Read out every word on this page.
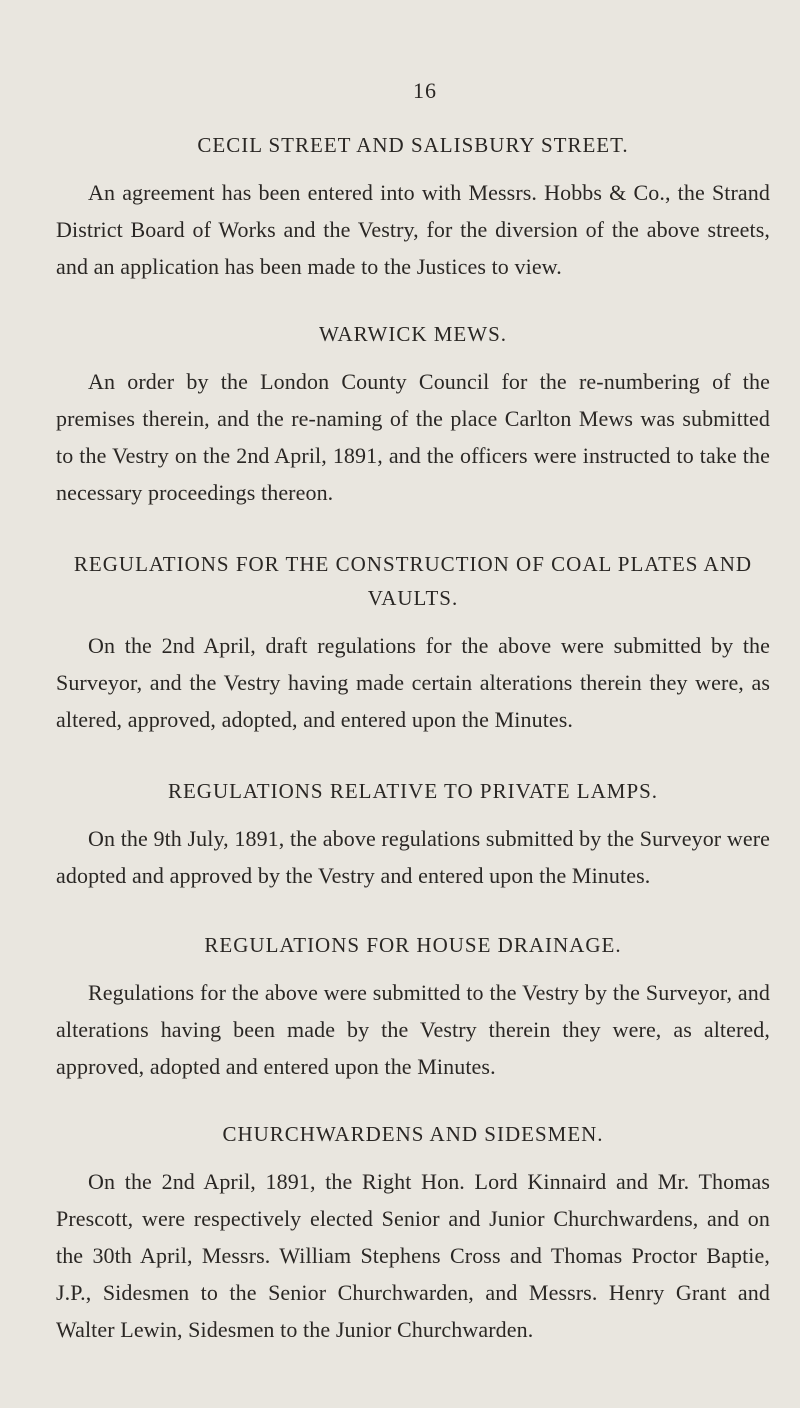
16
CECIL STREET AND SALISBURY STREET.

An agreement has been entered into with Messrs. Hobbs & Co., the Strand District Board of Works and the Vestry, for the diversion of the above streets, and an application has been made to the Justices to view.

WARWICK MEWS.

An order by the London County Council for the re-numbering of the premises therein, and the re-naming of the place Carlton Mews was submitted to the Vestry on the 2nd April, 1891, and the officers were instructed to take the necessary proceedings thereon.

REGULATIONS FOR THE CONSTRUCTION OF COAL PLATES AND VAULTS.

On the 2nd April, draft regulations for the above were submitted by the Surveyor, and the Vestry having made certain alterations therein they were, as altered, approved, adopted, and entered upon the Minutes.

REGULATIONS RELATIVE TO PRIVATE LAMPS.

On the 9th July, 1891, the above regulations submitted by the Surveyor were adopted and approved by the Vestry and entered upon the Minutes.

REGULATIONS FOR HOUSE DRAINAGE.

Regulations for the above were submitted to the Vestry by the Surveyor, and alterations having been made by the Vestry therein they were, as altered, approved, adopted and entered upon the Minutes.

CHURCHWARDENS AND SIDESMEN.

On the 2nd April, 1891, the Right Hon. Lord Kinnaird and Mr. Thomas Prescott, were respectively elected Senior and Junior Churchwardens, and on the 30th April, Messrs. William Stephens Cross and Thomas Proctor Baptie, J.P., Sidesmen to the Senior Churchwarden, and Messrs. Henry Grant and Walter Lewin, Sidesmen to the Junior Churchwarden.
